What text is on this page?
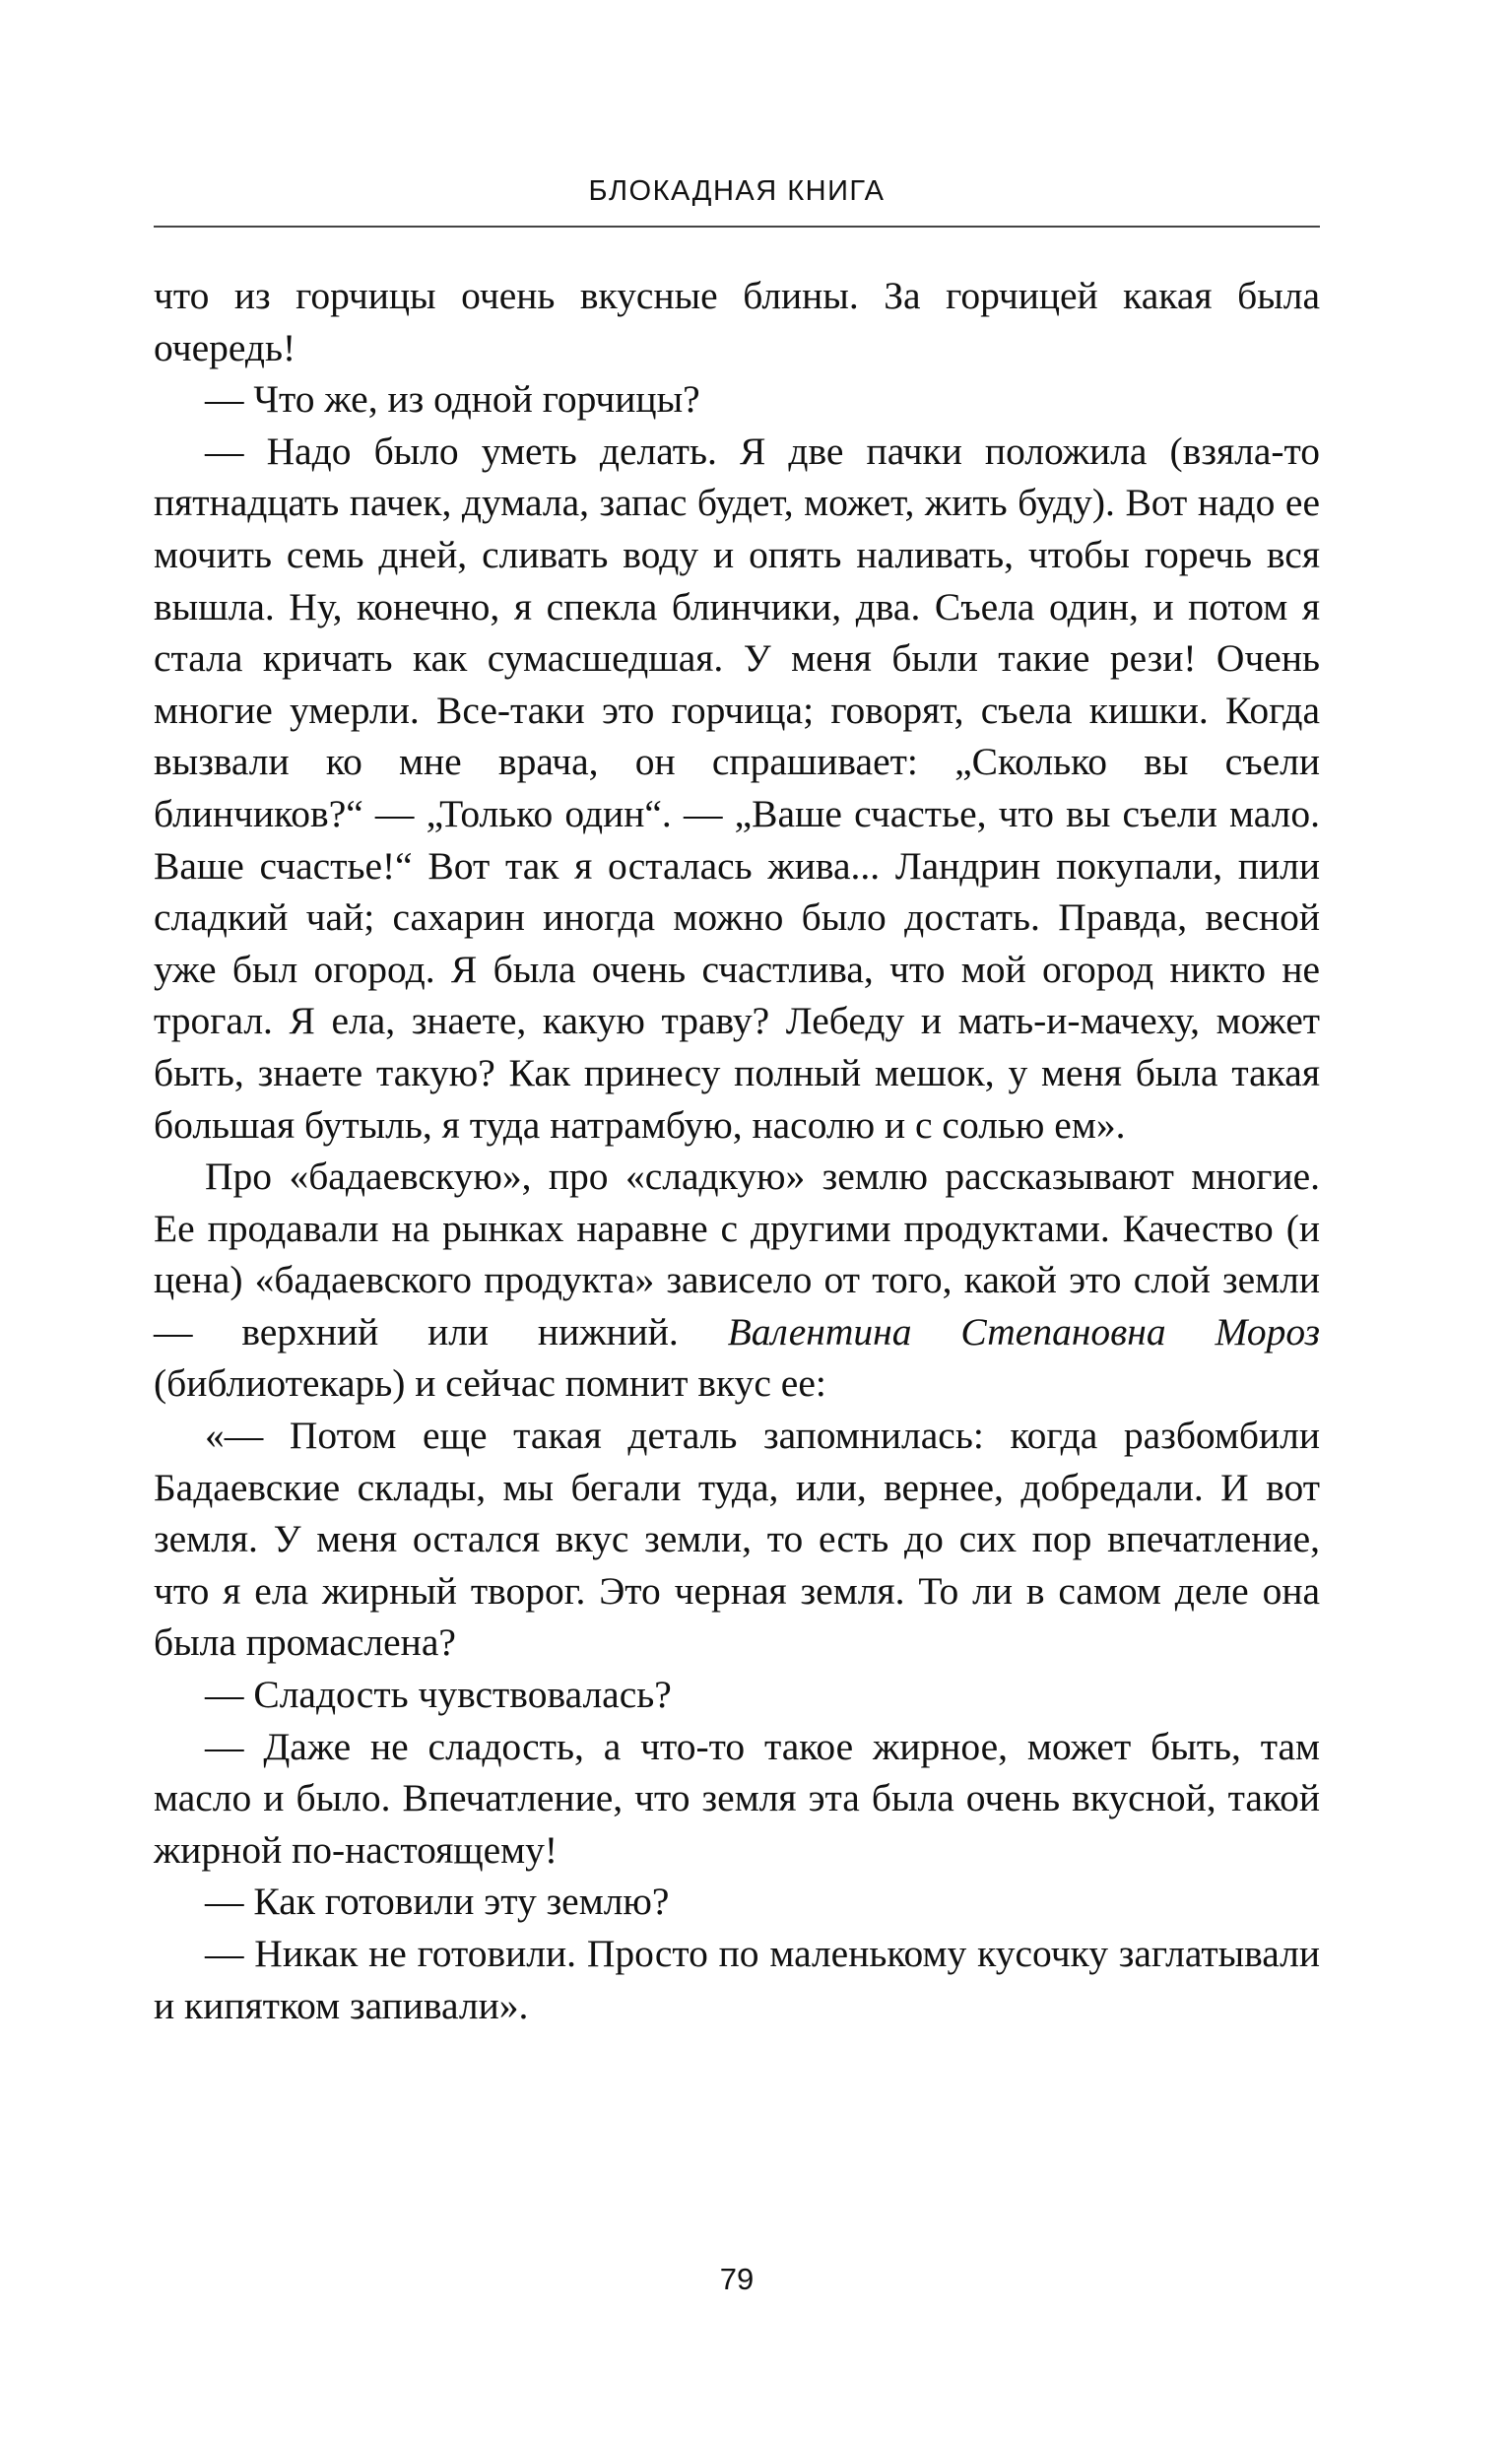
БЛОКАДНАЯ КНИГА

что из горчицы очень вкусные блины. За горчицей какая была очередь!

— Что же, из одной горчицы?

— Надо было уметь делать. Я две пачки положила (взяла-то пятнадцать пачек, думала, запас будет, может, жить буду). Вот надо ее мочить семь дней, сливать воду и опять наливать, чтобы горечь вся вышла. Ну, конечно, я спекла блинчики, два. Съела один, и потом я стала кричать как сумасшедшая. У меня были такие рези! Очень многие умерли. Все-таки это горчица; говорят, съела кишки. Когда вызвали ко мне врача, он спрашивает: „Сколько вы съели блинчиков?“ — „Только один“. — „Ваше счастье, что вы съели мало. Ваше счастье!“ Вот так я осталась жива... Ландрин покупали, пили сладкий чай; сахарин иногда можно было достать. Правда, весной уже был огород. Я была очень счастлива, что мой огород никто не трогал. Я ела, знаете, какую траву? Лебеду и мать-и-мачеху, может быть, знаете такую? Как принесу полный мешок, у меня была такая большая бутыль, я туда натрамбую, насолю и с солью ем».

Про «бадаевскую», про «сладкую» землю рассказывают многие. Ее продавали на рынках наравне с другими продуктами. Качество (и цена) «бадаевского продукта» зависело от того, какой это слой земли — верхний или нижний. Валентина Степановна Мороз (библиотекарь) и сейчас помнит вкус ее:

«— Потом еще такая деталь запомнилась: когда разбомбили Бадаевские склады, мы бегали туда, или, вернее, добредали. И вот земля. У меня остался вкус земли, то есть до сих пор впечатление, что я ела жирный творог. Это черная земля. То ли в самом деле она была промаслена?

— Сладость чувствовалась?

— Даже не сладость, а что-то такое жирное, может быть, там масло и было. Впечатление, что земля эта была очень вкусной, такой жирной по-настоящему!

— Как готовили эту землю?

— Никак не готовили. Просто по маленькому кусочку заглатывали и кипятком запивали».

79
